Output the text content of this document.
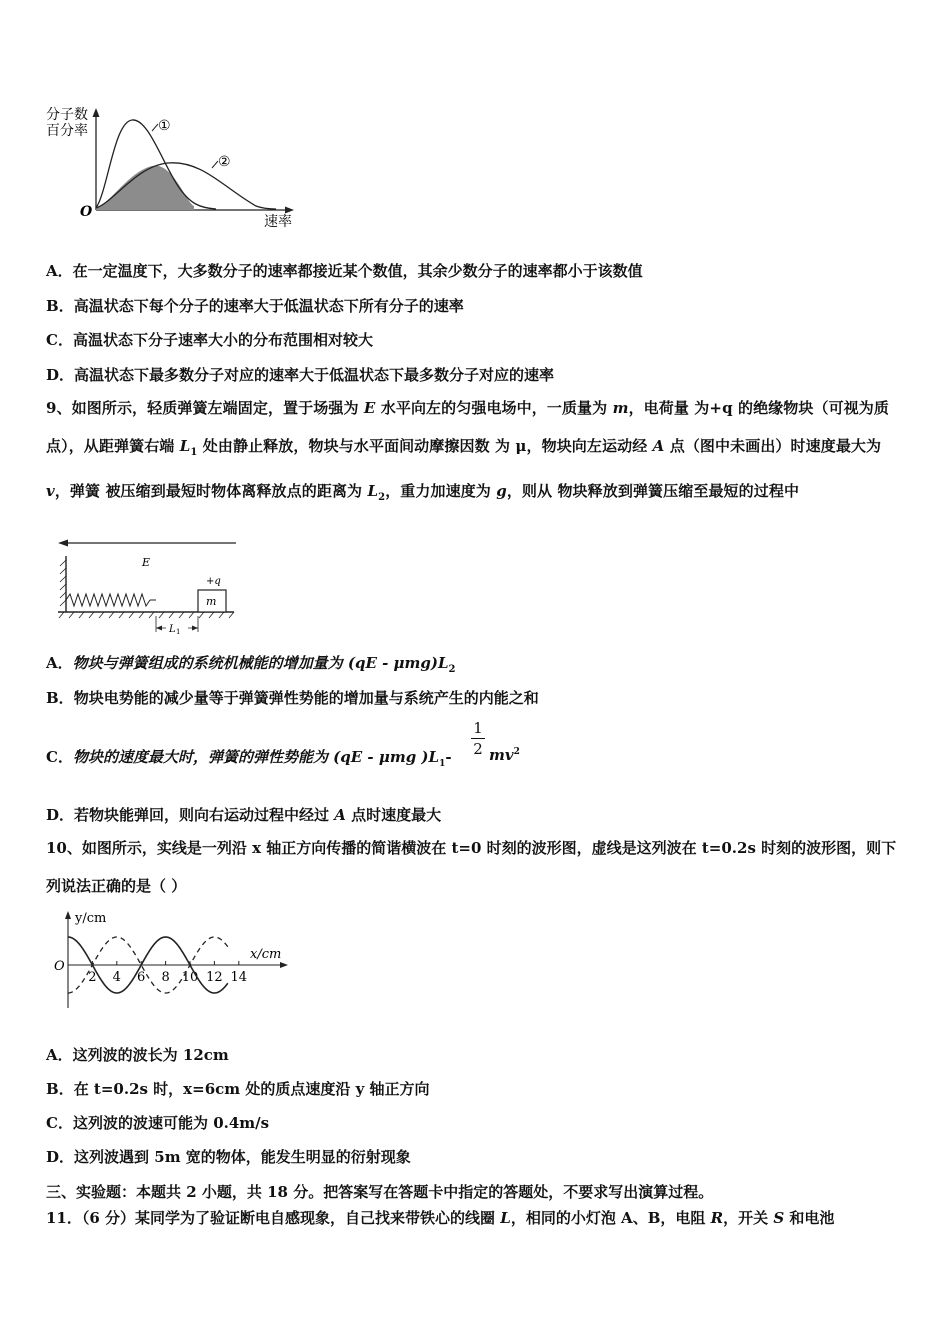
分子数
百分率	①
②
O
速率
A．在一定温度下，大多数分子的速率都接近某个数值，其余少数分子的速率都小于该数值
B．高温状态下每个分子的速率大于低温状态下所有分子的速率
C．高温状态下分子速率大小的分布范围相对较大
D．高温状态下最多数分子对应的速率大于低温状态下最多数分子对应的速率
9、如图所示，轻质弹簧左端固定，置于场强为 E 水平向左的匀强电场中，一质量为 m，电荷量 为+q 的绝缘物块（可视为质点），从距弹簧右端 $L_1$ 处由静止释放，物块与水平面间动摩擦因数 为 μ，物块向左运动经 A 点（图中未画出）时速度最大为 v，弹簧 被压缩到最短时物体离释放点的距离为 $L_2$，重力加速度为 g，则从 物块释放到弹簧压缩至最短的过程中
E
m
+q
L 1
A．物块与弹簧组成的系统机械能的增加量为 $(qE - \mu mg)L_2$
B．物块电势能的减少量等于弹簧弹性势能的增加量与系统产生的内能之和
C．物块的速度最大时，弹簧的弹性势能为 (qE - μmg )$L_1- \frac{1}{2} mv^2$
D．若物块能弹回，则向右运动过程中经过 A 点时速度最大
10、如图所示，实线是一列沿 x 轴正方向传播的简谐横波在 t=0 时刻的波形图，虚线是这列波在 t=0.2s 时刻的波形图，则下列说法正确的是（ ）
y/cm
x/cm
O
2 4 6 8 10 12 14
A．这列波的波长为 12cm
B．在 t=0.2s 时，x=6cm 处的质点速度沿 y 轴正方向
C．这列波的波速可能为 0.4m/s
D．这列波遇到 5m 宽的物体，能发生明显的衍射现象
三、实验题：本题共 2 小题，共 18 分。把答案写在答题卡中指定的答题处，不要求写出演算过程。
11．（6 分）某同学为了验证断电自感现象，自己找来带铁心的线圈 L，相同的小灯泡 A、B，电阻 R，开关 S 和电池
